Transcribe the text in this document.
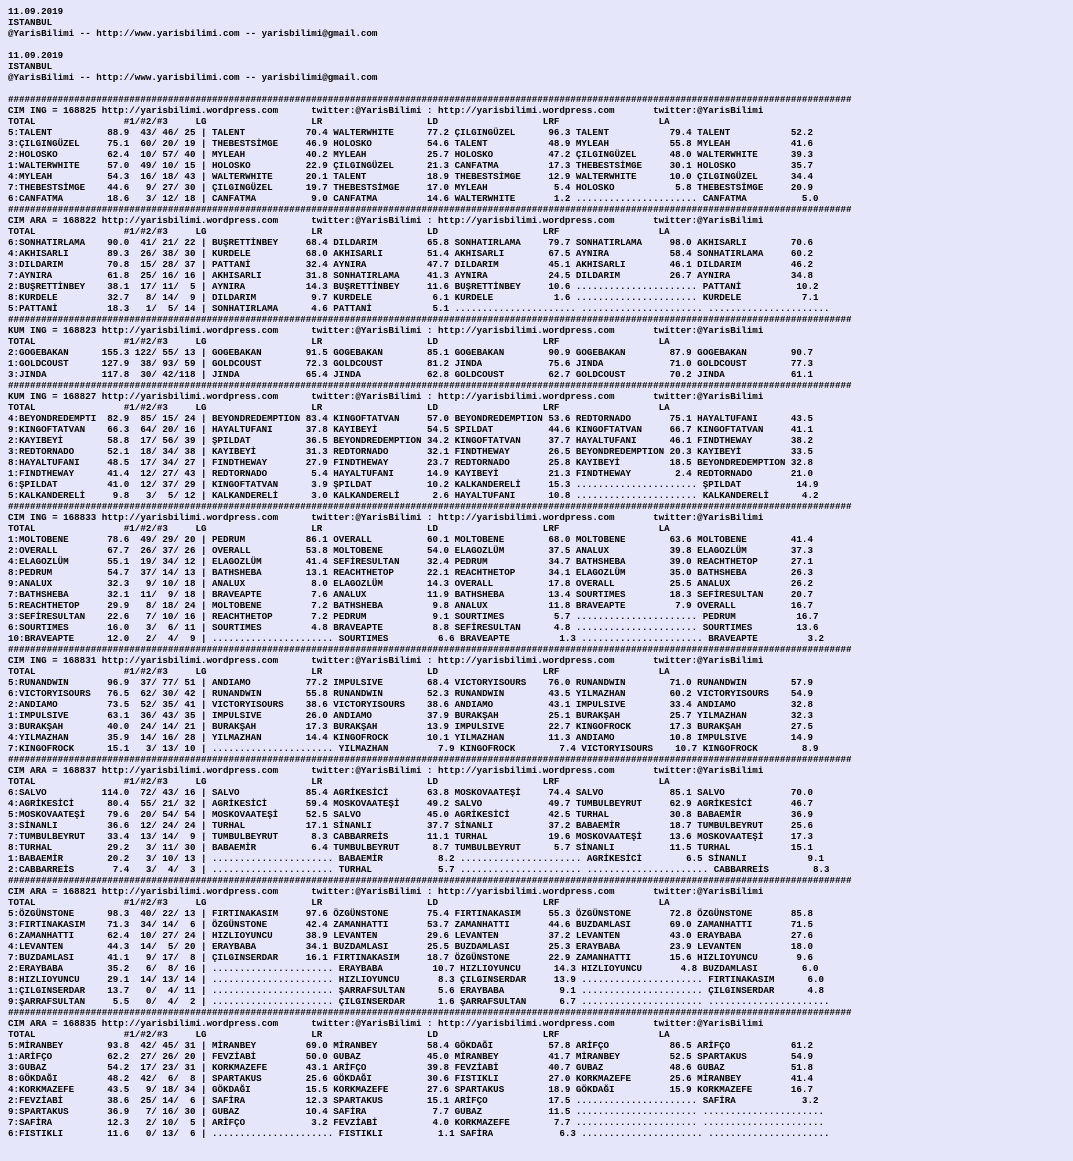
11.09.2019
ISTANBUL
@YarisBilimi -- http://www.yarisbilimi.com -- yarisbilimi@gmail.com

11.09.2019
ISTANBUL
@YarisBilimi -- http://www.yarisbilimi.com -- yarisbilimi@gmail.com

#########################################################################################################################################################
CIM ING = 168825 http://yarisbilimi.wordpress.com      twitter:@YarisBilimi : http://yarisbilimi.wordpress.com       twitter:@YarisBilimi
TOTAL                #1/#2/#3     LG                   LR                   LD                   LRF                  LA
5:TALENT          88.9  43/ 46/ 25 | TALENT           70.4 WALTERWHITE      77.2 ÇILGINGÜZEL      96.3 TALENT           79.4 TALENT           52.2
3:ÇILGINGÜZEL     75.1  60/ 20/ 19 | THEBESTSİMGE     46.9 HOLOSKO          54.6 TALENT           48.9 MYLEAH           55.8 MYLEAH           41.6
2:HOLOSKO         62.4  10/ 57/ 40 | MYLEAH           40.2 MYLEAH           25.7 HOLOSKO          47.2 ÇILGINGÜZEL      48.0 WALTERWHITE      39.3
1:WALTERWHITE     57.0  49/ 10/ 15 | HOLOSKO          22.9 ÇILGINGÜZEL      21.3 CANFATMA         17.3 THEBESTSİMGE     30.1 HOLOSKO          35.7
4:MYLEAH          54.3  16/ 18/ 43 | WALTERWHITE      20.1 TALENT           18.9 THEBESTSİMGE     12.9 WALTERWHITE      10.0 ÇILGINGÜZEL      34.4
7:THEBESTSİMGE    44.6   9/ 27/ 30 | ÇILGINGÜZEL      19.7 THEBESTSİMGE     17.0 MYLEAH            5.4 HOLOSKO           5.8 THEBESTSİMGE     20.9
6:CANFATMA        18.6   3/ 12/ 18 | CANFATMA          9.0 CANFATMA         14.6 WALTERWHITE       1.2 ...................... CANFATMA          5.0
#########################################################################################################################################################
CIM ARA = 168822 http://yarisbilimi.wordpress.com      twitter:@YarisBilimi : http://yarisbilimi.wordpress.com       twitter:@YarisBilimi
TOTAL                #1/#2/#3     LG                   LR                   LD                   LRF                  LA
6:SONHATIRLAMA    90.0  41/ 21/ 22 | BUŞRETTİNBEY     68.4 DILDARIM         65.8 SONHATIRLAMA     79.7 SONHATIRLAMA     98.0 AKHISARLI        70.6
4:AKHISARLI       89.3  26/ 38/ 30 | KURDELE          68.0 AKHISARLI        51.4 AKHISARLI        67.5 AYNIRA           58.4 SONHATIRLAMA     60.2
3:DILDARIM        70.8  15/ 28/ 37 | PATTANİ          32.4 AYNIRA           47.7 DILDARIM         45.1 AKHISARLI        46.1 DILDARIM         46.2
7:AYNIRA          61.8  25/ 16/ 16 | AKHISARLI        31.8 SONHATIRLAMA     41.3 AYNIRA           24.5 DILDARIM         26.7 AYNIRA           34.8
2:BUŞRETTİNBEY    38.1  17/ 11/  5 | AYNIRA           14.3 BUŞRETTİNBEY     11.6 BUŞRETTİNBEY     10.6 ...................... PATTANİ          10.2
8:KURDELE         32.7   8/ 14/  9 | DILDARIM          9.7 KURDELE           6.1 KURDELE           1.6 ...................... KURDELE           7.1
5:PATTANİ         18.3   1/  5/ 14 | SONHATIRLAMA      4.6 PATTANİ           5.1 ...................... ...................... ......................
#########################################################################################################################################################
KUM ING = 168823 http://yarisbilimi.wordpress.com      twitter:@YarisBilimi : http://yarisbilimi.wordpress.com       twitter:@YarisBilimi
TOTAL                #1/#2/#3     LG                   LR                   LD                   LRF                  LA
2:GOGEBAKAN      155.3 122/ 55/ 13 | GOGEBAKAN        91.5 GOGEBAKAN        85.1 GOGEBAKAN        90.9 GOGEBAKAN        87.9 GOGEBAKAN        90.7
1:GOLDCOUST      127.9  38/ 93/ 59 | GOLDCOUST        72.3 GOLDCOUST        81.2 JINDA            75.6 JINDA            71.0 GOLDCOUST        77.3
3:JINDA          117.8  30/ 42/118 | JINDA            65.4 JINDA            62.8 GOLDCOUST        62.7 GOLDCOUST        70.2 JINDA            61.1
#########################################################################################################################################################
KUM ING = 168827 http://yarisbilimi.wordpress.com      twitter:@YarisBilimi : http://yarisbilimi.wordpress.com       twitter:@YarisBilimi
TOTAL                #1/#2/#3     LG                   LR                   LD                   LRF                  LA
4:BEYONDREDEMPTI  82.9  85/ 15/ 24 | BEYONDREDEMPTION 83.4 KINGOFTATVAN     57.0 BEYONDREDEMPTION 53.6 REDTORNADO       75.1 HAYALTUFANI      43.5
9:KINGOFTATVAN    66.3  64/ 20/ 16 | HAYALTUFANI      37.8 KAYIBEYİ         54.5 SPILDAT          44.6 KINGOFTATVAN     66.7 KINGOFTATVAN     41.1
2:KAYIBEYİ        58.8  17/ 56/ 39 | ŞPILDAT          36.5 BEYONDREDEMPTION 34.2 KINGOFTATVAN     37.7 HAYALTUFANI      46.1 FINDTHEWAY       38.2
3:REDTORNADO      52.1  18/ 34/ 38 | KAYIBEYİ         31.3 REDTORNADO       32.1 FINDTHEWAY       26.5 BEYONDREDEMPTION 20.3 KAYIBEYİ         33.5
8:HAYALTUFANI     48.5  17/ 34/ 27 | FINDTHEWAY       27.9 FINDTHEWAY       23.7 REDTORNADO       25.8 KAYIBEYİ         18.5 BEYONDREDEMPTION 32.8
1:FINDTHEWAY      41.4  12/ 27/ 43 | REDTORNADO        5.4 HAYALTUFANI      14.9 KAYIBEYİ         21.3 FINDTHEWAY        2.4 REDTORNADO       21.0
6:ŞPILDAT         41.0  12/ 37/ 29 | KINGOFTATVAN      3.9 ŞPILDAT          10.2 KALKANDERELİ     15.3 ...................... ŞPILDAT          14.9
5:KALKANDERELİ     9.8   3/  5/ 12 | KALKANDERELİ      3.0 KALKANDERELİ      2.6 HAYALTUFANI      10.8 ...................... KALKANDERELİ      4.2
#########################################################################################################################################################
CIM ING = 168833 http://yarisbilimi.wordpress.com      twitter:@YarisBilimi : http://yarisbilimi.wordpress.com       twitter:@YarisBilimi
TOTAL                #1/#2/#3     LG                   LR                   LD                   LRF                  LA
1:MOLTOBENE       78.6  49/ 29/ 20 | PEDRUM           86.1 OVERALL          60.1 MOLTOBENE        68.0 MOLTOBENE        63.6 MOLTOBENE        41.4
2:OVERALL         67.7  26/ 37/ 26 | OVERALL          53.8 MOLTOBENE        54.0 ELAGOZLÜM        37.5 ANALUX           39.8 ELAGOZLÜM        37.3
4:ELAGOZLÜM       55.1  19/ 34/ 12 | ELAGOZLÜM        41.4 SEFİRESULTAN     32.4 PEDRUM           34.7 BATHSHEBA        39.0 REACHTHETOP      27.1
8:PEDRUM          54.7  37/ 14/ 13 | BATHSHEBA        13.1 REACHTHETOP      22.1 REACHTHETOP      34.1 ELAGOZLÜM        35.0 BATHSHEBA        26.3
9:ANALUX          32.3   9/ 10/ 18 | ANALUX            8.0 ELAGOZLÜM        14.3 OVERALL          17.8 OVERALL          25.5 ANALUX           26.2
7:BATHSHEBA       32.1  11/  9/ 18 | BRAVEAPTE         7.6 ANALUX           11.9 BATHSHEBA        13.4 SOURTIMES        18.3 SEFİRESULTAN     20.7
5:REACHTHETOP     29.9   8/ 18/ 24 | MOLTOBENE         7.2 BATHSHEBA         9.8 ANALUX           11.8 BRAVEAPTE         7.9 OVERALL          16.7
3:SEFİRESULTAN    22.6   7/ 10/ 16 | REACHTHETOP       7.2 PEDRUM            9.1 SOURTIMES         5.7 ...................... PEDRUM           16.7
6:SOURTIMES       16.0   3/  6/ 11 | SOURTIMES         4.8 BRAVEAPTE         8.8 SEFİRESULTAN      4.8 ...................... SOURTIMES        13.6
10:BRAVEAPTE      12.0   2/  4/  9 | ...................... SOURTIMES         6.6 BRAVEAPTE         1.3 ...................... BRAVEAPTE         3.2
#########################################################################################################################################################
CIM ING = 168831 http://yarisbilimi.wordpress.com      twitter:@YarisBilimi : http://yarisbilimi.wordpress.com       twitter:@YarisBilimi
TOTAL                #1/#2/#3     LG                   LR                   LD                   LRF                  LA
5:RUNANDWIN       96.9  37/ 77/ 51 | ANDIAMO          77.2 IMPULSIVE        68.4 VICTORYISOURS    76.0 RUNANDWIN        71.0 RUNANDWIN        57.9
6:VICTORYISOURS   76.5  62/ 30/ 42 | RUNANDWIN        55.8 RUNANDWIN        52.3 RUNANDWIN        43.5 YILMAZHAN        60.2 VICTORYISOURS    54.9
2:ANDIAMO         73.5  52/ 35/ 41 | VICTORYISOURS    38.6 VICTORYISOURS    38.6 ANDIAMO          43.1 IMPULSIVE        33.4 ANDIAMO          32.8
1:IMPULSIVE       63.1  36/ 43/ 35 | IMPULSIVE        26.0 ANDIAMO          37.9 BURAKŞAH         25.1 BURAKŞAH         25.7 YILMAZHAN        32.3
3:BURAKŞAH        40.0  24/ 14/ 21 | BURAKŞAH         17.3 BURAKŞAH         13.9 IMPULSIVE        22.7 KINGOFROCK       17.3 BURAKŞAH         27.5
4:YILMAZHAN       35.9  14/ 16/ 28 | YILMAZHAN        14.4 KINGOFROCK       10.1 YILMAZHAN        11.3 ANDIAMO          10.8 IMPULSIVE        14.9
7:KINGOFROCK      15.1   3/ 13/ 10 | ...................... YILMAZHAN         7.9 KINGOFROCK        7.4 VICTORYISOURS    10.7 KINGOFROCK        8.9
#########################################################################################################################################################
CIM ARA = 168837 http://yarisbilimi.wordpress.com      twitter:@YarisBilimi : http://yarisbilimi.wordpress.com       twitter:@YarisBilimi
TOTAL                #1/#2/#3     LG                   LR                   LD                   LRF                  LA
6:SALVO          114.0  72/ 43/ 16 | SALVO            85.4 AGRİKESİCİ       63.8 MOSKOVAATEŞİ     74.4 SALVO            85.1 SALVO            70.0
4:AGRİKESİCİ      80.4  55/ 21/ 32 | AGRİKESİCİ       59.4 MOSKOVAATEŞİ     49.2 SALVO            49.7 TUMBULBEYRUT     62.9 AGRİKESİCİ       46.7
5:MOSKOVAATEŞİ    79.6  20/ 54/ 54 | MOSKOVAATEŞİ     52.5 SALVO            45.0 AGRİKESİCİ       42.5 TURHAL           30.8 BABAEMİR         36.9
3:SİNANLI         36.6  12/ 24/ 24 | TURHAL           17.1 SİNANLI          37.7 SİNANLI          37.2 BABAEMİR         18.7 TUMBULBEYRUT     25.6
7:TUMBULBEYRUT    33.4  13/ 14/  9 | TUMBULBEYRUT      8.3 CABBARREİS       11.1 TURHAL           19.6 MOSKOVAATEŞİ     13.6 MOSKOVAATEŞİ     17.3
8:TURHAL          29.2   3/ 11/ 30 | BABAEMİR          6.4 TUMBULBEYRUT      8.7 TUMBULBEYRUT      5.7 SİNANLI          11.5 TURHAL           15.1
1:BABAEMİR        20.2   3/ 10/ 13 | ...................... BABAEMİR          8.2 ...................... AGRİKESİCİ        6.5 SİNANLI           9.1
2:CABBARREİS       7.4   3/  4/  3 | ...................... TURHAL            5.7 ...................... ...................... CABBARREİS        8.3
#########################################################################################################################################################
CIM ARA = 168821 http://yarisbilimi.wordpress.com      twitter:@YarisBilimi : http://yarisbilimi.wordpress.com       twitter:@YarisBilimi
TOTAL                #1/#2/#3     LG                   LR                   LD                   LRF                  LA
5:ÖZGÜNSTONE      98.3  40/ 22/ 13 | FIRTINAKASIM     97.6 ÖZGÜNSTONE       75.4 FIRTINAKASIM     55.3 ÖZGÜNSTONE       72.8 ÖZGÜNSTONE       85.8
3:FIRTINAKASIM    71.3  34/ 14/  6 | ÖZGÜNSTONE       42.4 ZAMANHATTI       53.7 ZAMANHATTI       44.6 BUZDAMLASI       69.0 ZAMANHATTI       71.5
6:ZAMANHATTI      62.4  10/ 27/ 24 | HIZLIOYUNCU      38.9 LEVANTEN         29.6 LEVANTEN         37.2 LEVANTEN         43.0 ERAYBABA         27.6
4:LEVANTEN        44.3  14/  5/ 20 | ERAYBABA         34.1 BUZDAMLASI       25.5 BUZDAMLASI       25.3 ERAYBABA         23.9 LEVANTEN         18.0
7:BUZDAMLASI      41.1   9/ 17/  8 | ÇILGINSERDAR     16.1 FIRTINAKASIM     18.7 ÖZGÜNSTONE       22.9 ZAMANHATTI       15.6 HIZLIOYUNCU       9.6
2:ERAYBABA        35.2   6/  8/ 16 | ...................... ERAYBABA         10.7 HIZLIOYUNCU      14.3 HIZLIOYUNCU       4.8 BUZDAMLASI        6.0
8:HIZLIOYUNCU     29.1  14/ 13/ 14 | ...................... HIZLIOYUNCU       8.3 ÇILGINSERDAR     13.9 ...................... FIRTINAKASIM      6.0
1:ÇILGINSERDAR    13.7   0/  4/ 11 | ...................... ŞARRAFSULTAN      5.6 ERAYBABA          9.1 ...................... ÇILGINSERDAR      4.8
9:ŞARRAFSULTAN     5.5   0/  4/  2 | ...................... ÇILGINSERDAR      1.6 ŞARRAFSULTAN      6.7 ...................... ......................
#########################################################################################################################################################
CIM ARA = 168835 http://yarisbilimi.wordpress.com      twitter:@YarisBilimi : http://yarisbilimi.wordpress.com       twitter:@YarisBilimi
TOTAL                #1/#2/#3     LG                   LR                   LD                   LRF                  LA
5:MİRANBEY        93.8  42/ 45/ 31 | MİRANBEY         69.0 MİRANBEY         58.4 GÖKDAĞI          57.8 ARİFÇO           86.5 ARİFÇO           61.2
1:ARİFÇO          62.2  27/ 26/ 20 | FEVZİABİ         50.0 GUBAZ            45.0 MİRANBEY         41.7 MİRANBEY         52.5 SPARTAKUS        54.9
3:GUBAZ           54.2  17/ 23/ 31 | KORKMAZEFE       43.1 ARİFÇO           39.8 FEVZİABİ         40.7 GUBAZ            48.6 GUBAZ            51.8
8:GÖKDAĞI         48.2  42/  6/  8 | SPARTAKUS        25.6 GÖKDAĞI          30.6 FISTIKLI         27.0 KORKMAZEFE       25.6 MİRANBEY         41.4
4:KORKMAZEFE      43.5   9/ 18/ 34 | GÖKDAĞI          15.5 KORKMAZEFE       27.6 SPARTAKUS        18.9 GÖKDAĞI          15.9 KORKMAZEFE       16.7
2:FEVZİABİ        38.6  25/ 14/  6 | SAFİRA           12.3 SPARTAKUS        15.1 ARİFÇO           17.5 ...................... SAFİRA            3.2
9:SPARTAKUS       36.9   7/ 16/ 30 | GUBAZ            10.4 SAFİRA            7.7 GUBAZ            11.5 ...................... ......................
7:SAFİRA          12.3   2/ 10/  5 | ARİFÇO            3.2 FEVZİABİ          4.0 KORKMAZEFE        7.7 ...................... ......................
6:FISTIKLI        11.6   0/ 13/  6 | ...................... FISTIKLI          1.1 SAFİRA            6.3 ...................... ......................
